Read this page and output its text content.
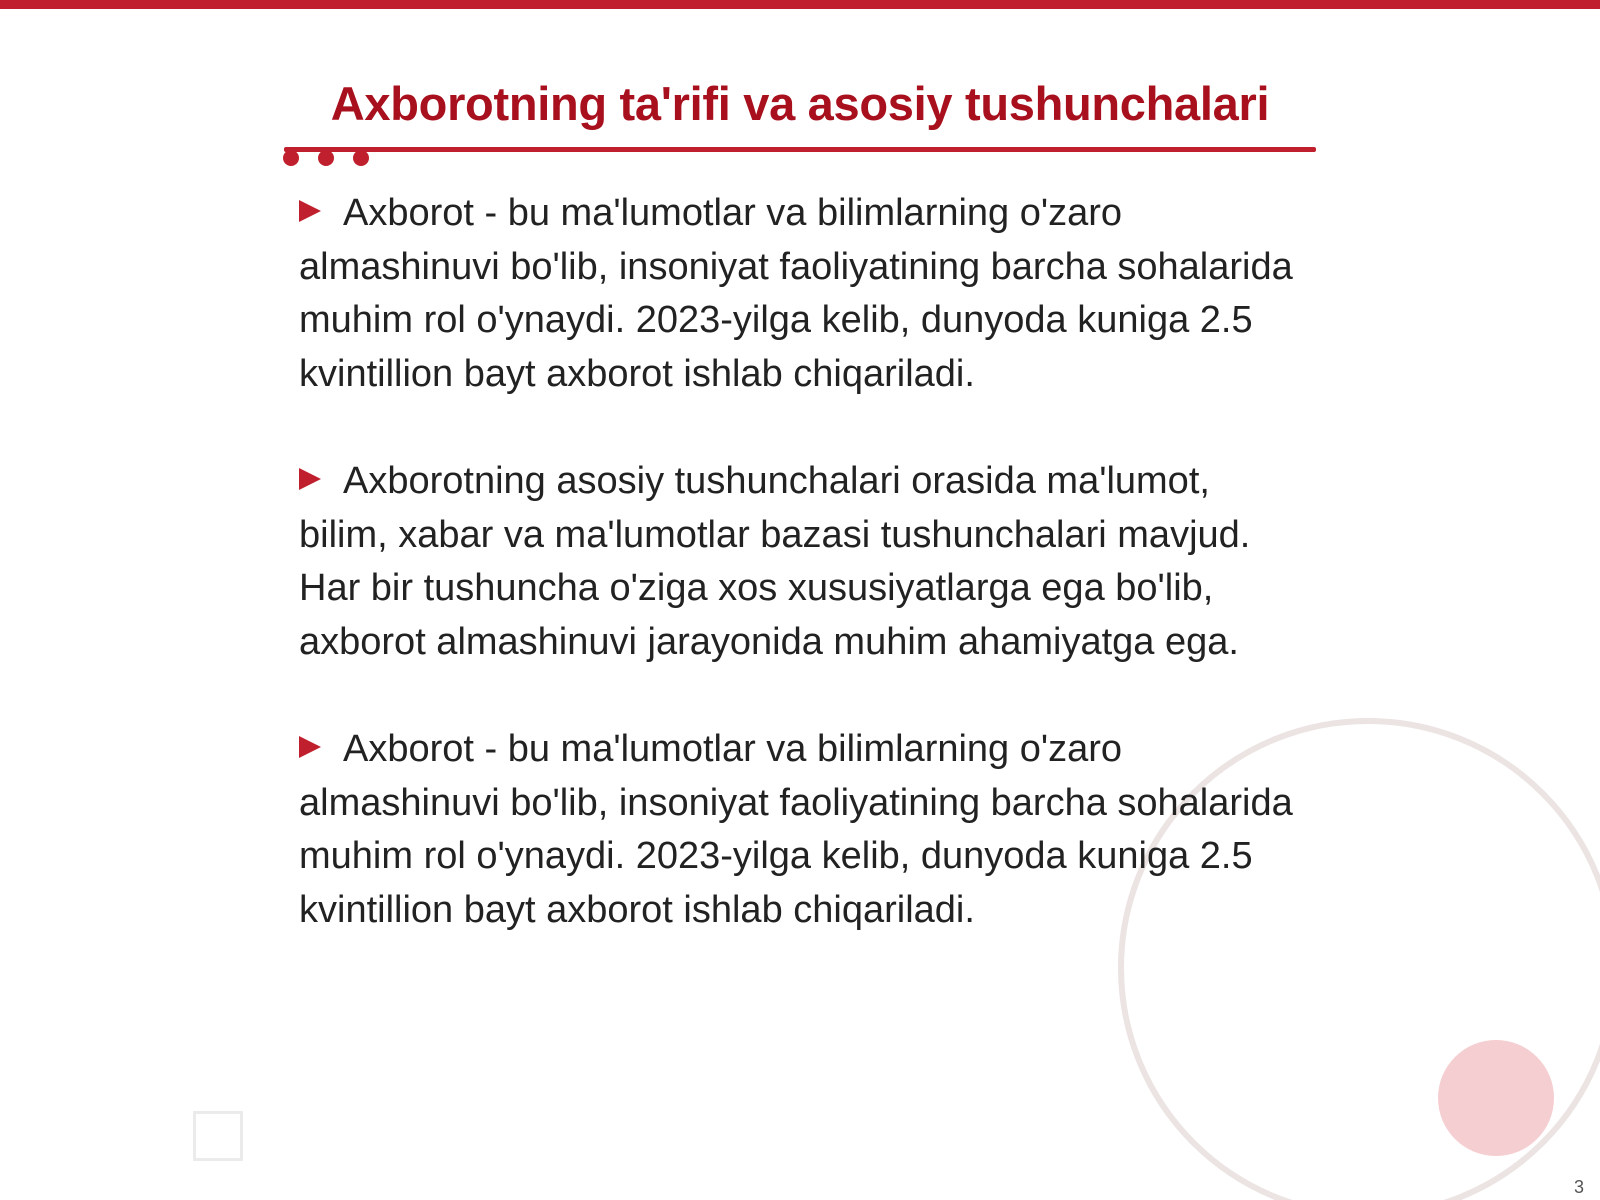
Axborotning ta'rifi va asosiy tushunchalari
Axborot - bu ma'lumotlar va bilimlarning o'zaro almashinuvi bo'lib, insoniyat faoliyatining barcha sohalarida muhim rol o'ynaydi. 2023-yilga kelib, dunyoda kuniga 2.5 kvintillion bayt axborot ishlab chiqariladi.
Axborotning asosiy tushunchalari orasida ma'lumot, bilim, xabar va ma'lumotlar bazasi tushunchalari mavjud. Har bir tushuncha o'ziga xos xususiyatlarga ega bo'lib, axborot almashinuvi jarayonida muhim ahamiyatga ega.
Axborot - bu ma'lumotlar va bilimlarning o'zaro almashinuvi bo'lib, insoniyat faoliyatining barcha sohalarida muhim rol o'ynaydi. 2023-yilga kelib, dunyoda kuniga 2.5 kvintillion bayt axborot ishlab chiqariladi.
3
